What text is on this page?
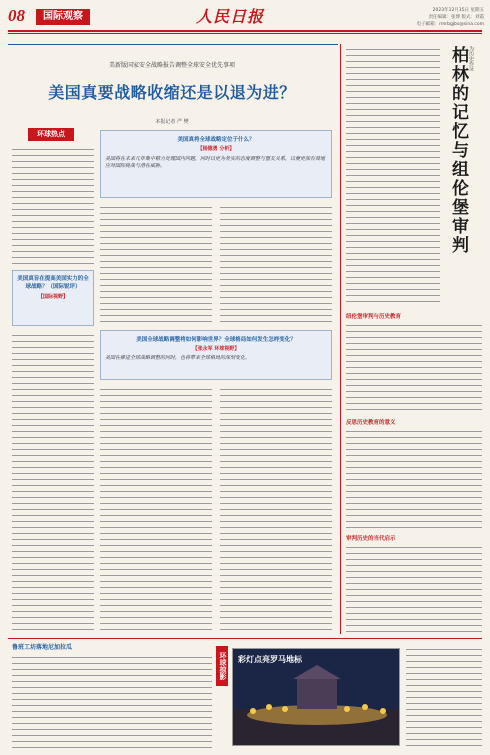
08	国际观察	人民日报	2023年12月15日 星期五
责任编辑：张博 版式：刘霞
电子邮箱：rmrbgjbs@sina.com
美新版国家安全战略报告调整全球安全优先事项
美国真要战略收缩还是以退为进？
本报记者 严 樊
环球热点
美国真旨在提高美国实力的全球战略？（国际锐评）
【国际视野】
美国真将全球战略定位于什么？
【杨德勇 分析】
美国将在未来几年集中精力处理国内问题，同时以更为务实的态度调整与盟友关系，以便更加有效地应对国际挑战与潜在威胁。
美国全球战略调整将如何影响世界？全球格局如何发生怎样变化？
【张永军 环球视野】
美国在推进全球战略调整的同时，也将带来全球格局的深刻变化。
为历史作证
柏林的记忆与组伦堡审判
纽伦堡审判与历史教育
反思历史教育的意义
审判历史的当代启示
鲁班工坊落地尼加拉瓜
环球掠影 彩灯点亮罗马地标
